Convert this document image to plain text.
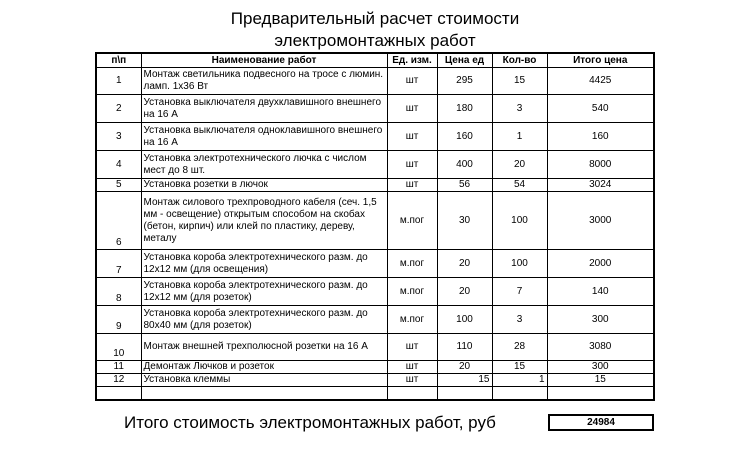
Предварительный расчет стоимости
электромонтажных работ
п\п	Наименование работ	Ед. изм.	Цена ед	Кол-во	Итого цена
1	Монтаж светильника подвесного на тросе с люмин. ламп. 1х36 Вт	шт	295	15	4425
2	Установка выключателя двухклавишного внешнего на 16 А	шт	180	3	540
3	Установка выключателя одноклавишного внешнего на 16 А	шт	160	1	160
4	Установка электротехнического лючка с числом мест до 8 шт.	шт	400	20	8000
5	Установка розетки в лючок	шт	56	54	3024
6	Монтаж силового трехпроводного кабеля (сеч. 1,5 мм - освещение) открытым способом на скобах (бетон, кирпич) или клей по пластику, дереву, металу	м.пог	30	100	3000
7	Установка короба электротехнического разм. до 12х12 мм (для освещения)	м.пог	20	100	2000
8	Установка короба электротехнического разм. до 12х12 мм (для розеток)	м.пог	20	7	140
9	Установка короба электротехнического разм. до 80х40 мм (для розеток)	м.пог	100	3	300
10	Монтаж внешней трехполюсной розетки на 16 А	шт	110	28	3080
11	Демонтаж Лючков и розеток	шт	20	15	300
12	Установка клеммы	шт	15	1	15

Итого стоимость электромонтажных работ, руб	24984
